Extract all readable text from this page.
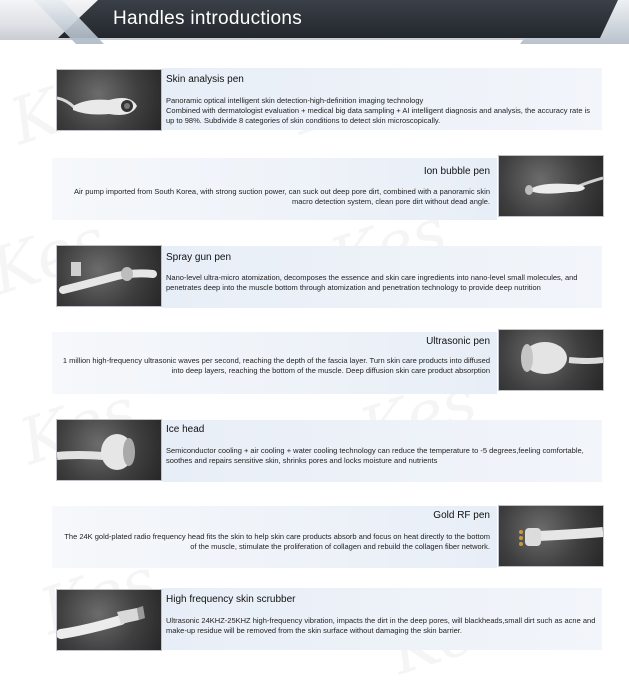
Handles introductions
Skin analysis pen
Panoramic optical intelligent skin detection-high-definition imaging technology
Combined with dermatologist evaluation + medical big data sampling + AI intelligent diagnosis and analysis, the accuracy rate is up to 98%. Subdivide 8 categories of skin conditions to detect skin microscopically.
Ion bubble pen
Air pump imported from South Korea, with strong suction power, can suck out deep pore dirt, combined with a panoramic skin macro detection system, clean pore dirt without dead angle.
Spray gun pen
Nano-level ultra-micro atomization, decomposes the essence and skin care ingredients into nano-level small molecules, and penetrates deep into the muscle bottom through atomization and penetration technology to provide deep nutrition
Ultrasonic pen
1 million high-frequency ultrasonic waves per second, reaching the depth of the fascia layer. Turn skin care products into diffused into deep layers, reaching the bottom of the muscle. Deep diffusion skin care product absorption
Ice head
Semiconductor cooling + air cooling + water cooling technology can reduce the temperature to -5 degrees,feeling comfortable, soothes and repairs sensitive skin, shrinks pores and locks moisture and nutrients
Gold RF pen
The 24K gold-plated radio frequency head fits the skin to help skin care products absorb and focus on heat directly to the bottom of the muscle, stimulate the proliferation of collagen and rebuild the collagen fiber network.
High frequency skin scrubber
Ultrasonic 24KHZ-25KHZ high-frequency vibration, impacts the dirt in the deep pores, will blackheads,small dirt such as acne and make-up residue will be removed from the skin surface without damaging the skin barrier.
